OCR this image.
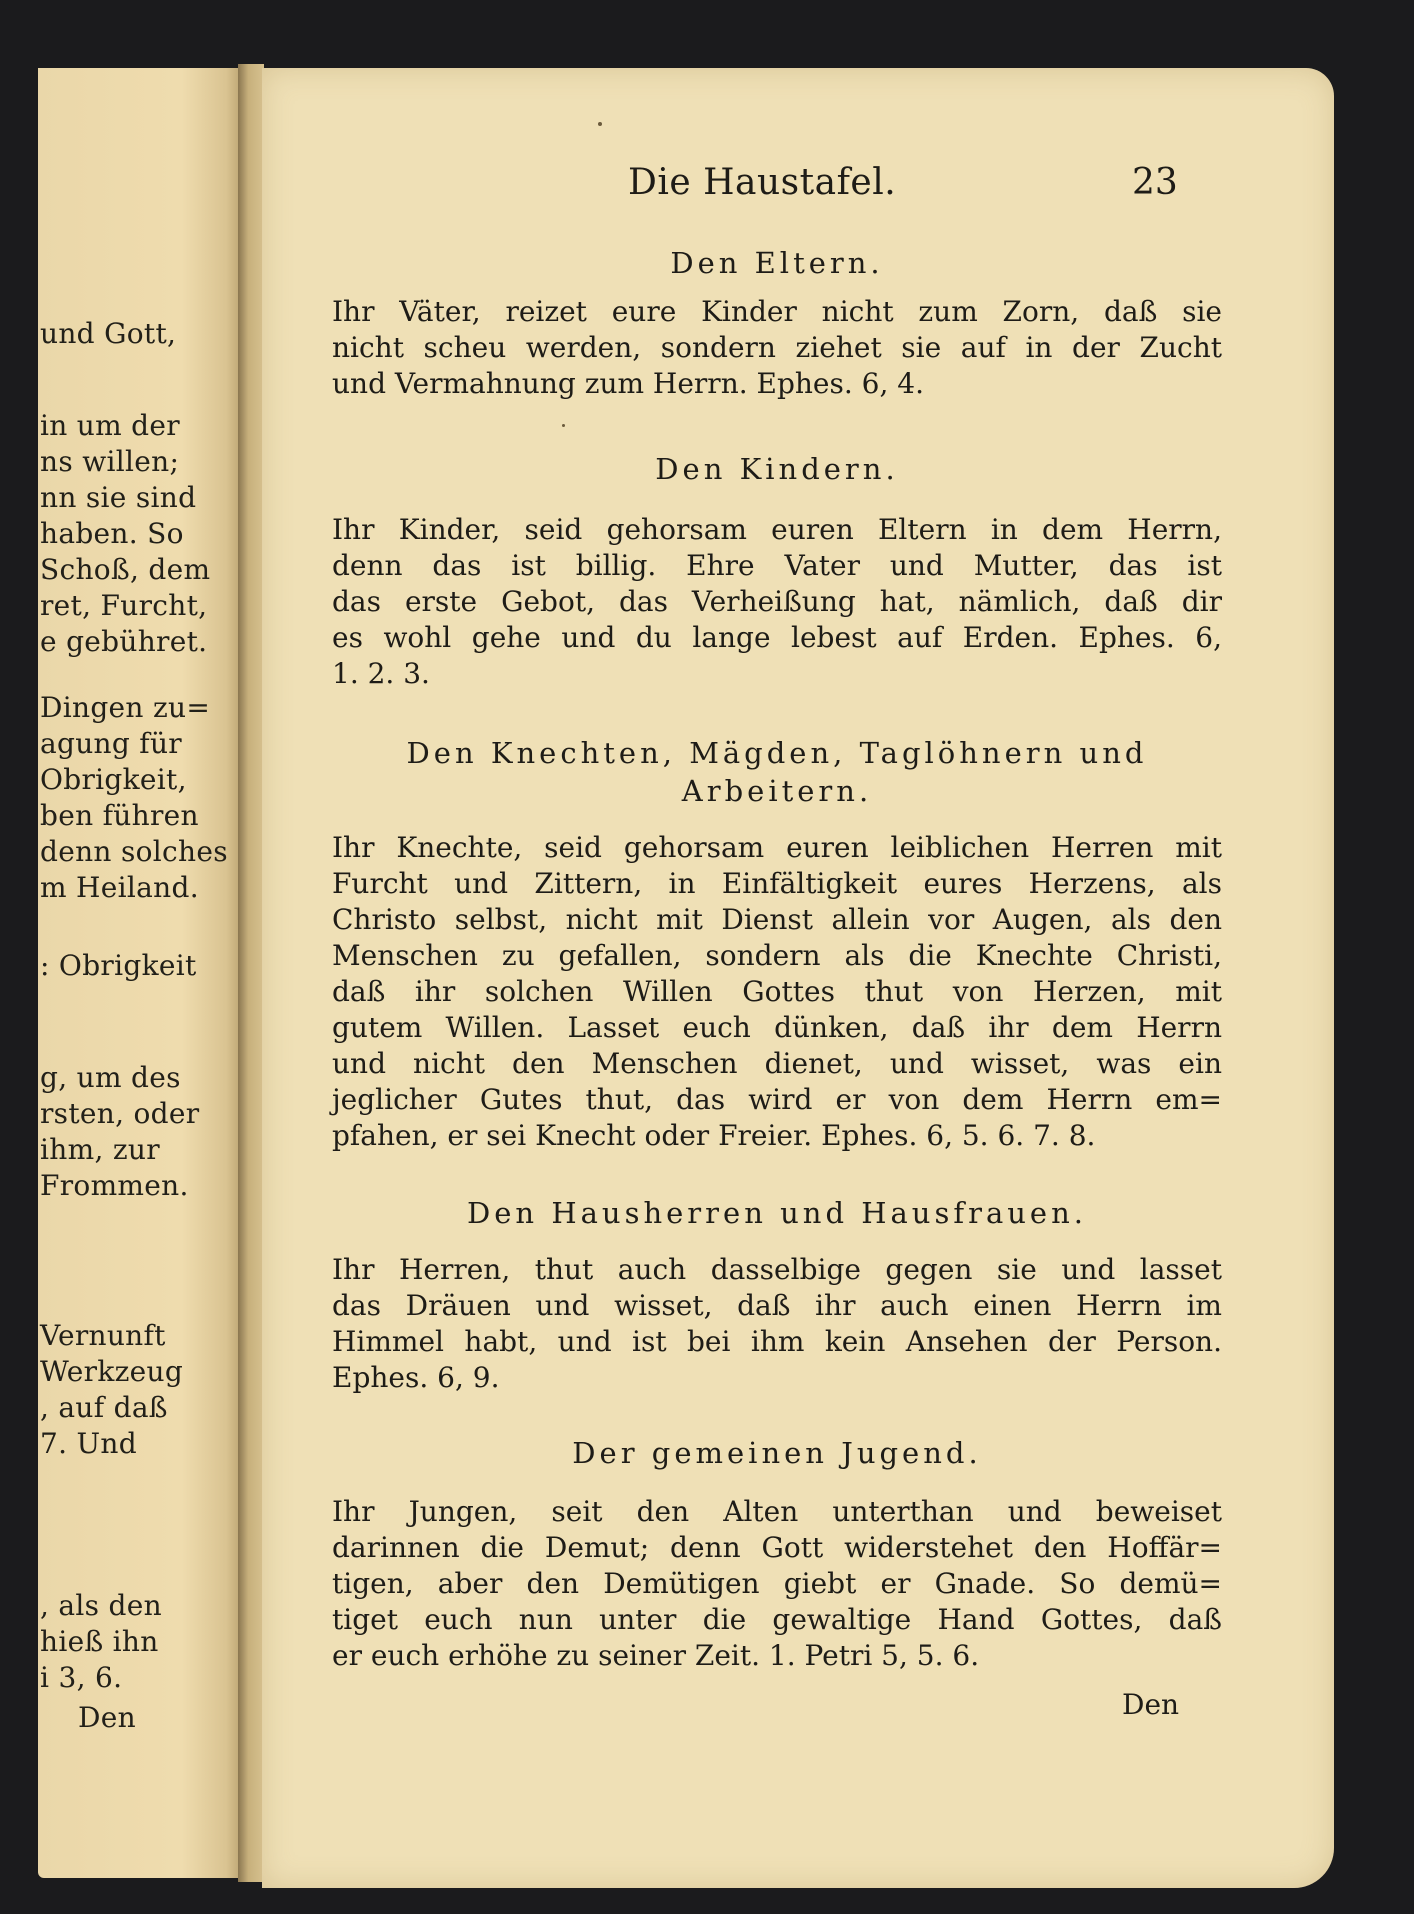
und Gott,
in um der
ns willen;
nn sie sind
haben. So
Schoß, dem
ret, Furcht,
e gebühret.
Dingen zu=
agung für
Obrigkeit,
ben führen
denn solches
m Heiland.
: Obrigkeit
g, um des
rsten, oder
ihm, zur
Frommen.
Vernunft
Werkzeug
, auf daß
7. Und
, als den
hieß ihn
i 3, 6.
Den
Die Haustafel.	23
Den Eltern.
Ihr Väter, reizet eure Kinder nicht zum Zorn, daß sie
nicht scheu werden, sondern ziehet sie auf in der Zucht
und Vermahnung zum Herrn. Ephes. 6, 4.
Den Kindern.
Ihr Kinder, seid gehorsam euren Eltern in dem Herrn,
denn das ist billig. Ehre Vater und Mutter, das ist
das erste Gebot, das Verheißung hat, nämlich, daß dir
es wohl gehe und du lange lebest auf Erden. Ephes. 6,
1. 2. 3.
Den Knechten, Mägden, Taglöhnern und
Arbeitern.
Ihr Knechte, seid gehorsam euren leiblichen Herren mit
Furcht und Zittern, in Einfältigkeit eures Herzens, als
Christo selbst, nicht mit Dienst allein vor Augen, als den
Menschen zu gefallen, sondern als die Knechte Christi,
daß ihr solchen Willen Gottes thut von Herzen, mit
gutem Willen. Lasset euch dünken, daß ihr dem Herrn
und nicht den Menschen dienet, und wisset, was ein
jeglicher Gutes thut, das wird er von dem Herrn em=
pfahen, er sei Knecht oder Freier. Ephes. 6, 5. 6. 7. 8.
Den Hausherren und Hausfrauen.
Ihr Herren, thut auch dasselbige gegen sie und lasset
das Dräuen und wisset, daß ihr auch einen Herrn im
Himmel habt, und ist bei ihm kein Ansehen der Person.
Ephes. 6, 9.
Der gemeinen Jugend.
Ihr Jungen, seit den Alten unterthan und beweiset
darinnen die Demut; denn Gott widerstehet den Hoffär=
tigen, aber den Demütigen giebt er Gnade. So demü=
tiget euch nun unter die gewaltige Hand Gottes, daß
er euch erhöhe zu seiner Zeit. 1. Petri 5, 5. 6.
Den
